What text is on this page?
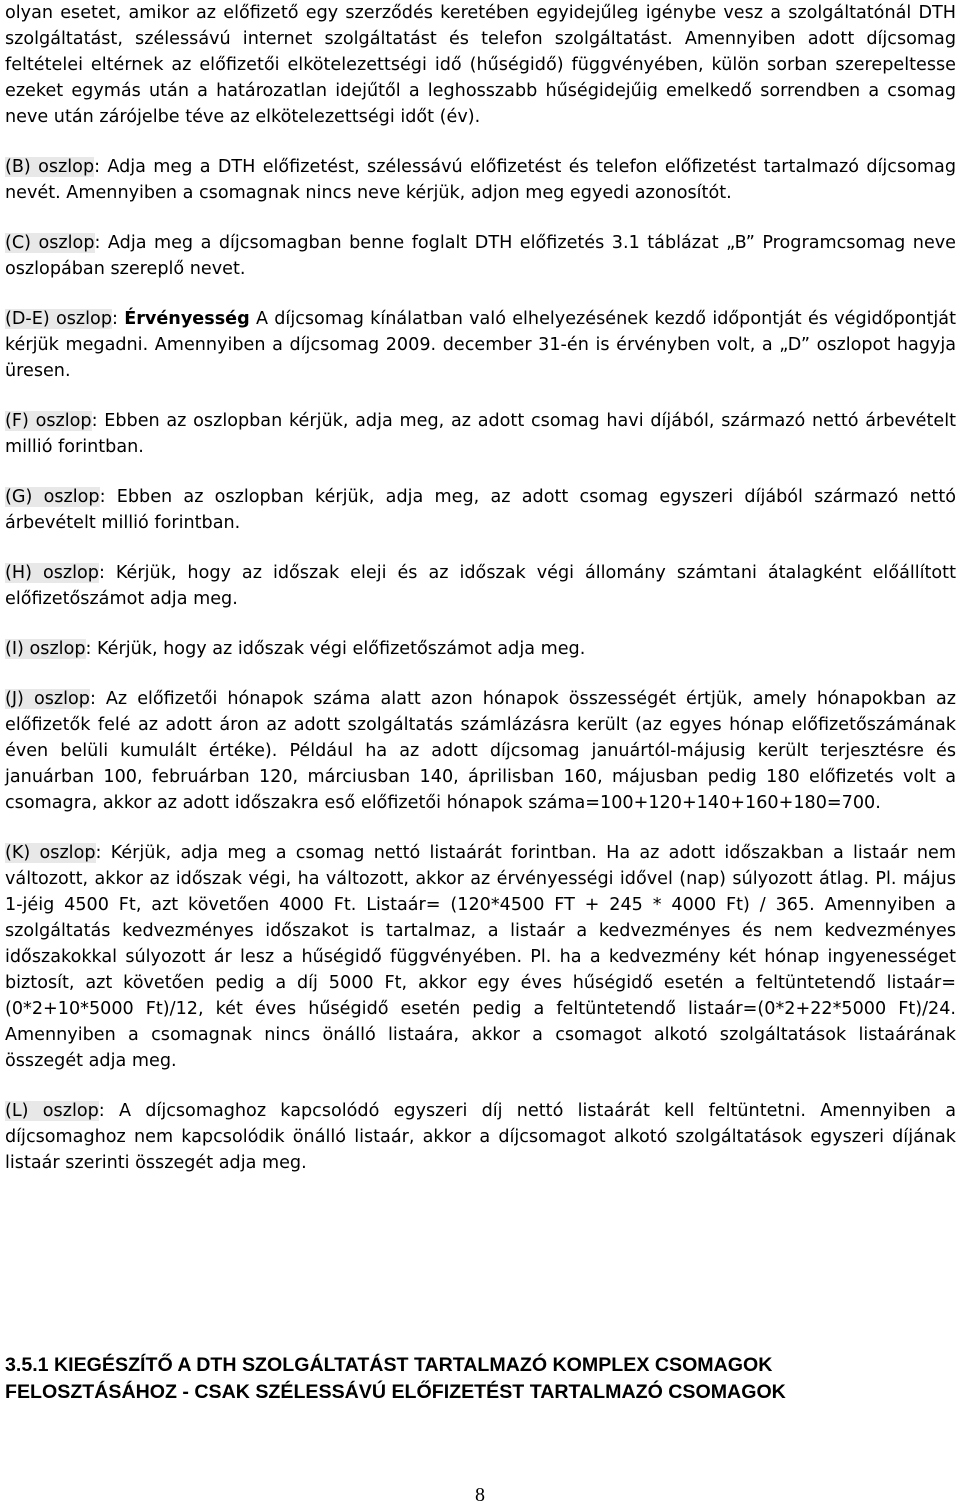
olyan esetet, amikor az előfizető egy szerződés keretében egyidejűleg igénybe vesz a szolgáltatónál DTH szolgáltatást, szélessávú internet szolgáltatást és telefon szolgáltatást. Amennyiben adott díjcsomag feltételei eltérnek az előfizetői elkötelezettségi idő (hűségidő) függvényében, külön sorban szerepeltesse ezeket egymás után a határozatlan idejűtől a leghosszabb hűségidejűig emelkedő sorrendben a csomag neve után zárójelbe téve az elkötelezettségi időt (év).

(B) oszlop: Adja meg a DTH előfizetést, szélessávú előfizetést és telefon előfizetést tartalmazó díjcsomag nevét. Amennyiben a csomagnak nincs neve kérjük, adjon meg egyedi azonosítót.

(C) oszlop: Adja meg a díjcsomagban benne foglalt DTH előfizetés 3.1 táblázat „B” Programcsomag neve oszlopában szereplő nevet.

(D-E) oszlop: Érvényesség A díjcsomag kínálatban való elhelyezésének kezdő időpontját és végidőpontját kérjük megadni. Amennyiben a díjcsomag 2009. december 31-én is érvényben volt, a „D” oszlopot hagyja üresen.

(F) oszlop: Ebben az oszlopban kérjük, adja meg, az adott csomag havi díjából, származó nettó árbevételt millió forintban.

(G) oszlop: Ebben az oszlopban kérjük, adja meg, az adott csomag egyszeri díjából származó nettó árbevételt millió forintban.

(H) oszlop: Kérjük, hogy az időszak eleji és az időszak végi állomány számtani átalagként előállított előfizetőszámot adja meg.

(I) oszlop: Kérjük, hogy az időszak végi előfizetőszámot adja meg.

(J) oszlop: Az előfizetői hónapok száma alatt azon hónapok összességét értjük, amely hónapokban az előfizetők felé az adott áron az adott szolgáltatás számlázásra került (az egyes hónap előfizetőszámának éven belüli kumulált értéke). Például ha az adott díjcsomag januártól-májusig került terjesztésre és januárban 100, februárban 120, márciusban 140, áprilisban 160, májusban pedig 180 előfizetés volt a csomagra, akkor az adott időszakra eső előfizetői hónapok száma=100+120+140+160+180=700.

(K) oszlop: Kérjük, adja meg a csomag nettó listaárát forintban. Ha az adott időszakban a listaár nem változott, akkor az időszak végi, ha változott, akkor az érvényességi idővel (nap) súlyozott átlag. Pl. május 1-jéig 4500 Ft, azt követően 4000 Ft. Listaár= (120*4500 FT + 245 * 4000 Ft) / 365. Amennyiben a szolgáltatás kedvezményes időszakot is tartalmaz, a listaár a kedvezményes és nem kedvezményes időszakokkal súlyozott ár lesz a hűségidő függvényében. Pl. ha a kedvezmény két hónap ingyenességet biztosít, azt követően pedig a díj 5000 Ft, akkor egy éves hűségidő esetén a feltüntetendő listaár=(0*2+10*5000 Ft)/12, két éves hűségidő esetén pedig a feltüntetendő listaár=(0*2+22*5000 Ft)/24. Amennyiben a csomagnak nincs önálló listaára, akkor a csomagot alkotó szolgáltatások listaárának összegét adja meg.

(L) oszlop: A díjcsomaghoz kapcsolódó egyszeri díj nettó listaárát kell feltüntetni. Amennyiben a díjcsomaghoz nem kapcsolódik önálló listaár, akkor a díjcsomagot alkotó szolgáltatások egyszeri díjának listaár szerinti összegét adja meg.

3.5.1 KIEGÉSZÍTŐ A DTH SZOLGÁLTATÁST TARTALMAZÓ KOMPLEX CSOMAGOK
FELOSZTÁSÁHOZ - CSAK SZÉLESSÁVÚ ELŐFIZETÉST TARTALMAZÓ CSOMAGOK
8
